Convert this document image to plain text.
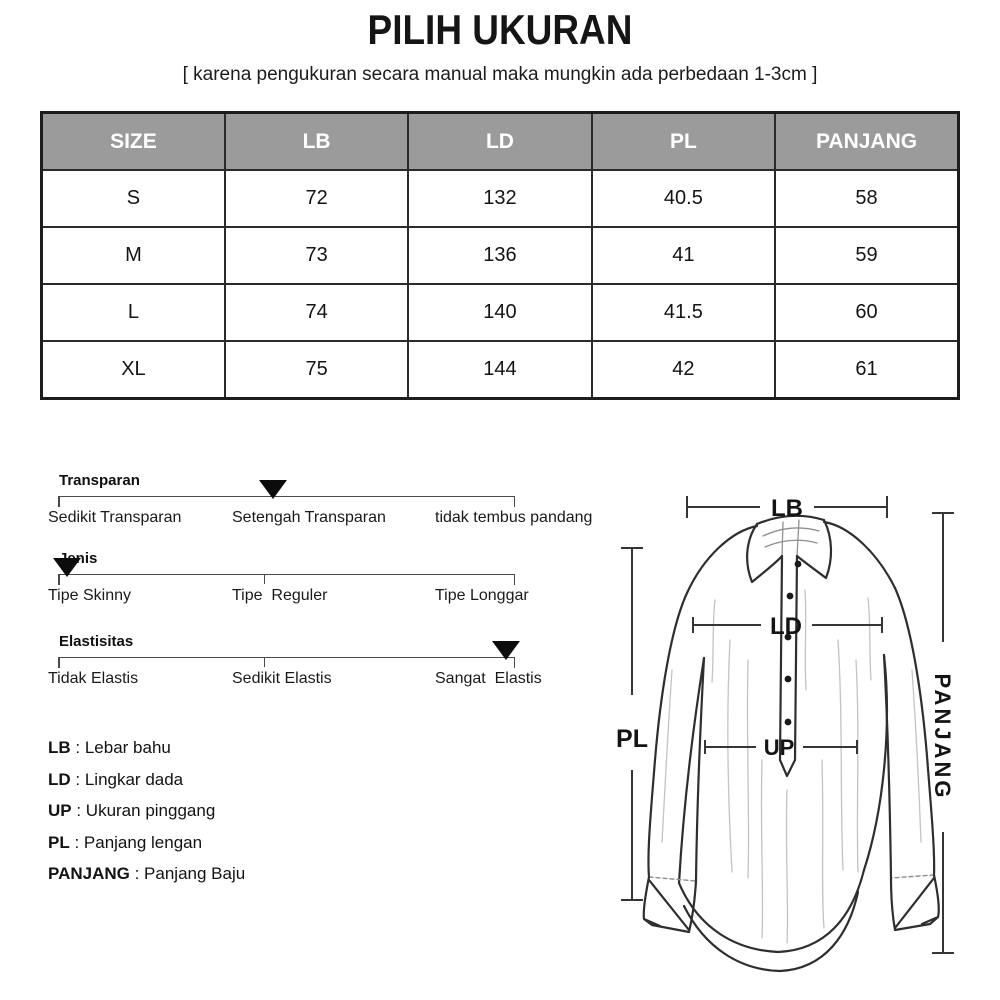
PILIH UKURAN
[ karena pengukuran secara manual maka mungkin ada perbedaan 1-3cm ]
SIZE	LB	LD	PL	PANJANG
S	72	132	40.5	58
M	73	136	41	59
L	74	140	41.5	60
XL	75	144	42	61
Transparan
Sedikit Transparan	Setengah Transparan	tidak tembus pandang
Jenis
Tipe Skinny	Tipe  Reguler	Tipe Longgar
Elastisitas
Tidak Elastis	Sedikit Elastis	Sangat  Elastis
LB : Lebar bahu
LD : Lingkar dada
UP : Ukuran pinggang
PL : Panjang lengan
PANJANG : Panjang Baju
LB
LD
UP
PL	PANJANG
